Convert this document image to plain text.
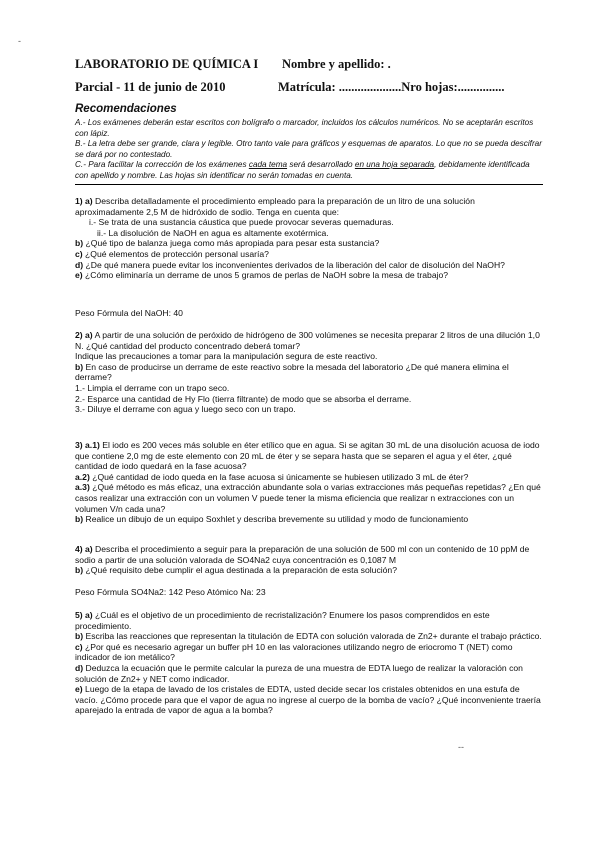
-
LABORATORIO DE QUÍMICA I Nombre y apellido: .
Parcial - 11 de junio de 2010	Matrícula: ....................Nro hojas:...............
Recomendaciones
A.- Los exámenes deberán estar escritos con bolígrafo o marcador, incluidos los cálculos numéricos. No se aceptarán escritos con lápiz.
B.- La letra debe ser grande, clara y legible. Otro tanto vale para gráficos y esquemas de aparatos. Lo que no se pueda descifrar se dará por no contestado.
C.- Para facilitar la corrección de los exámenes cada tema será desarrollado en una hoja separada, debidamente identificada con apellido y nombre. Las hojas sin identificar no serán tomadas en cuenta.

1) a) Describa detalladamente el procedimiento empleado para la preparación de un litro de una solución aproximadamente 2,5 M de hidróxido de sodio. Tenga en cuenta que:

i.- Se trata de una sustancia cáustica que puede provocar severas quemaduras.

ii.- La disolución de NaOH en agua es altamente exotérmica.

b) ¿Qué tipo de balanza juega como más apropiada para pesar esta sustancia?

c) ¿Qué elementos de protección personal usaría?

d) ¿De qué manera puede evitar los inconvenientes derivados de la liberación del calor de disolución del NaOH?

e) ¿Cómo eliminaría un derrame de unos 5 gramos de perlas de NaOH sobre la mesa de trabajo?

Peso Fórmula del NaOH: 40

2) a) A partir de una solución de peróxido de hidrógeno de 300 volúmenes se necesita preparar 2 litros de una dilución 1,0 N. ¿Qué cantidad del producto concentrado deberá tomar?

Indique las precauciones a tomar para la manipulación segura de este reactivo.

b) En caso de producirse un derrame de este reactivo sobre la mesada del laboratorio ¿De qué manera elimina el derrame?

1.- Limpia el derrame con un trapo seco.

2.- Esparce una cantidad de Hy Flo (tierra filtrante) de modo que se absorba el derrame.

3.- Diluye el derrame con agua y luego seco con un trapo.

3) a.1) El iodo es 200 veces más soluble en éter etílico que en agua. Si se agitan 30 mL de una disolución acuosa de iodo que contiene 2,0 mg de este elemento con 20 mL de éter y se separa hasta que se separen el agua y el éter, ¿qué cantidad de iodo quedará en la fase acuosa?

a.2) ¿Qué cantidad de iodo queda en la fase acuosa si únicamente se hubiesen utilizado 3 mL de éter?

a.3) ¿Qué método es más eficaz, una extracción abundante sola o varias extracciones más pequeñas repetidas? ¿En qué casos realizar una extracción con un volumen V puede tener la misma eficiencia que realizar n extracciones con un volumen V/n cada una?

b) Realice un dibujo de un equipo Soxhlet y describa brevemente su utilidad y modo de funcionamiento

4) a) Describa el procedimiento a seguir para la preparación de una solución de 500 ml con un contenido de 10 ppM de sodio a partir de una solución valorada de SO4Na2 cuya concentración es 0,1087 M

b) ¿Qué requisito debe cumplir el agua destinada a la preparación de esta solución?

Peso Fórmula SO4Na2: 142 Peso Atómico Na: 23

5) a) ¿Cuál es el objetivo de un procedimiento de recristalización? Enumere los pasos comprendidos en este procedimiento.

b) Escriba las reacciones que representan la titulación de EDTA con solución valorada de Zn2+ durante el trabajo práctico.

c) ¿Por qué es necesario agregar un buffer pH 10 en las valoraciones utilizando negro de eriocromo T (NET) como indicador de ion metálico?

d) Deduzca la ecuación que le permite calcular la pureza de una muestra de EDTA luego de realizar la valoración con solución de Zn2+ y NET como indicador.

e) Luego de la etapa de lavado de los cristales de EDTA, usted decide secar los cristales obtenidos en una estufa de vacío. ¿Cómo procede para que el vapor de agua no ingrese al cuerpo de la bomba de vacío? ¿Qué inconveniente traería aparejado la entrada de vapor de agua a la bomba?

--
